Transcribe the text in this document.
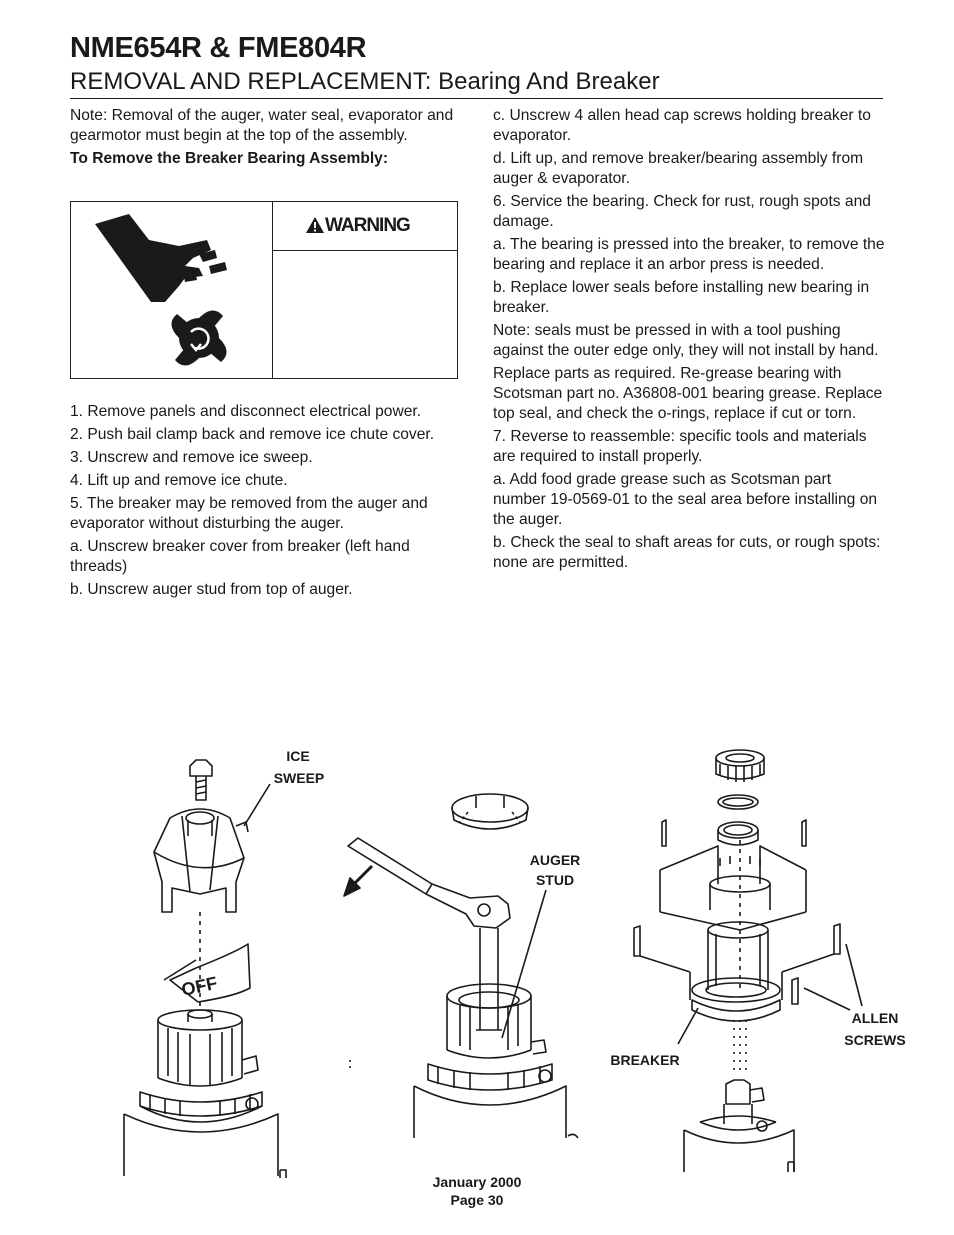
NME654R & FME804R
REMOVAL AND REPLACEMENT: Bearing And Breaker

Note: Removal of the auger, water seal, evaporator and gearmotor must begin at the top of the assembly.

To Remove the Breaker Bearing Assembly:

WARNING

1. Remove panels and disconnect electrical power.

2. Push bail clamp back and remove ice chute cover.

3. Unscrew and remove ice sweep.

4. Lift up and remove ice chute.

5. The breaker may be removed from the auger and evaporator without disturbing the auger.

a. Unscrew breaker cover from breaker (left hand threads)

b. Unscrew auger stud from top of auger.

c. Unscrew 4 allen head cap screws holding breaker to evaporator.

d. Lift up, and remove breaker/bearing assembly from auger & evaporator.

6. Service the bearing. Check for rust, rough spots and damage.

a. The bearing is pressed into the breaker, to remove the bearing and replace it an arbor press is needed.

b. Replace lower seals before installing new bearing in breaker.

Note: seals must be pressed in with a tool pushing against the outer edge only, they will not install by hand.

Replace parts as required. Re-grease bearing with Scotsman part no. A36808-001 bearing grease. Replace top seal, and check the o-rings, replace if cut or torn.

7. Reverse to reassemble: specific tools and materials are required to install properly.

a. Add food grade grease such as Scotsman part number 19-0569-01 to the seal area before installing on the auger.

b. Check the seal to shaft areas for cuts, or rough spots: none are permitted.

OFF
ICE
SWEEP
AUGER
STUD
BREAKER
ALLEN
SCREWS
January 2000
Page 30
